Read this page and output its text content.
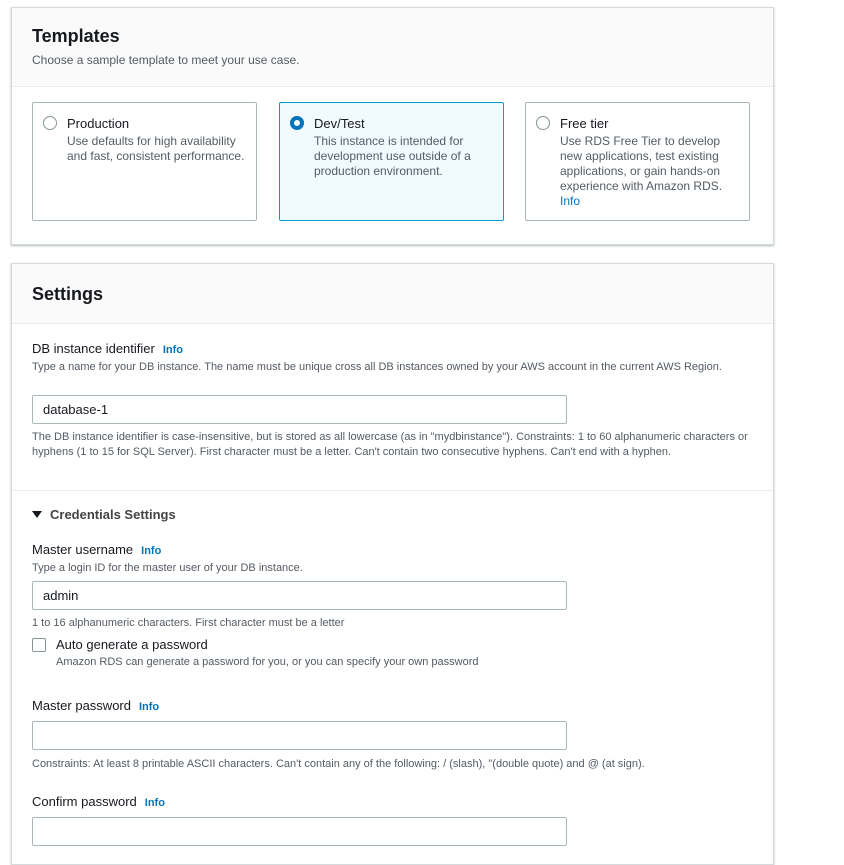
Templates
Choose a sample template to meet your use case.
Production
Use defaults for high availability and fast, consistent performance.
Dev/Test
This instance is intended for development use outside of a production environment.
Free tier
Use RDS Free Tier to develop new applications, test existing applications, or gain hands-on experience with Amazon RDS.
Info
Settings
DB instance identifier Info
Type a name for your DB instance. The name must be unique cross all DB instances owned by your AWS account in the current AWS Region.
database-1
The DB instance identifier is case-insensitive, but is stored as all lowercase (as in "mydbinstance"). Constraints: 1 to 60 alphanumeric characters or hyphens (1 to 15 for SQL Server). First character must be a letter. Can't contain two consecutive hyphens. Can't end with a hyphen.
Credentials Settings
Master username Info
Type a login ID for the master user of your DB instance.
admin
1 to 16 alphanumeric characters. First character must be a letter
Auto generate a password
Amazon RDS can generate a password for you, or you can specify your own password
Master password Info
Constraints: At least 8 printable ASCII characters. Can't contain any of the following: / (slash), "(double quote) and @ (at sign).
Confirm password Info
